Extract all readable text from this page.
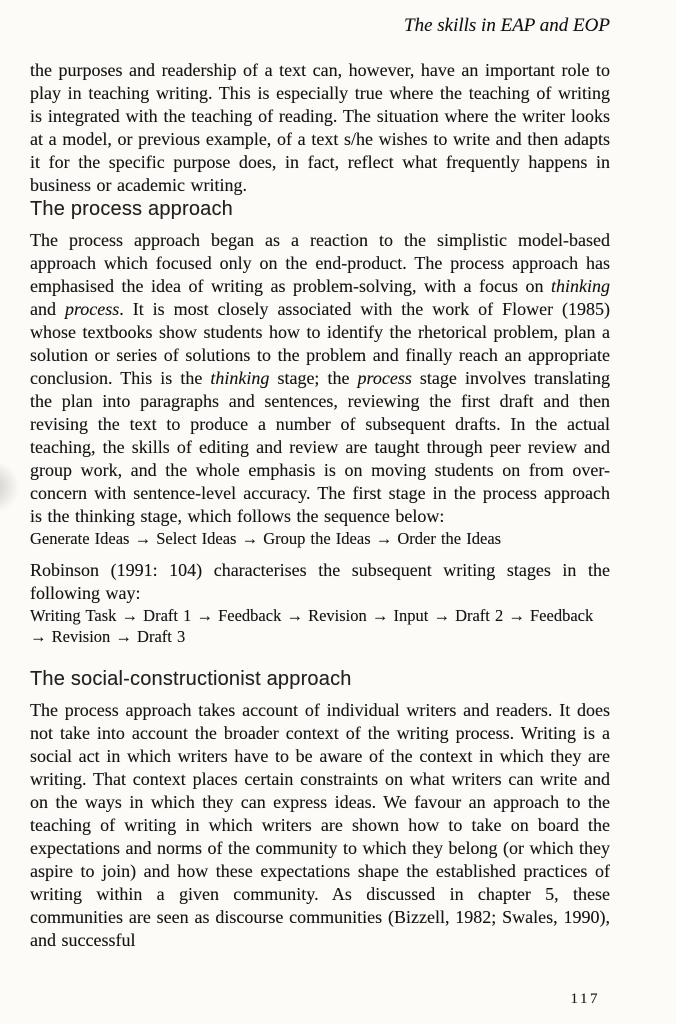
The skills in EAP and EOP

the purposes and readership of a text can, however, have an important role to play in teaching writing. This is especially true where the teaching of writing is integrated with the teaching of reading. The situation where the writer looks at a model, or previous example, of a text s/he wishes to write and then adapts it for the specific purpose does, in fact, reflect what frequently happens in business or academic writing.

The process approach

The process approach began as a reaction to the simplistic model-based approach which focused only on the end-product. The process approach has emphasised the idea of writing as problem-solving, with a focus on thinking and process. It is most closely associated with the work of Flower (1985) whose textbooks show students how to identify the rhetorical problem, plan a solution or series of solutions to the problem and finally reach an appropriate conclusion. This is the thinking stage; the process stage involves translating the plan into paragraphs and sentences, reviewing the first draft and then revising the text to produce a number of subsequent drafts. In the actual teaching, the skills of editing and review are taught through peer review and group work, and the whole emphasis is on moving students on from over-concern with sentence-level accuracy. The first stage in the process approach is the thinking stage, which follows the sequence below:

Generate Ideas → Select Ideas → Group the Ideas → Order the Ideas

Robinson (1991: 104) characterises the subsequent writing stages in the following way:

Writing Task → Draft 1 → Feedback → Revision → Input → Draft 2 → Feedback → Revision → Draft 3

The social-constructionist approach

The process approach takes account of individual writers and readers. It does not take into account the broader context of the writing process. Writing is a social act in which writers have to be aware of the context in which they are writing. That context places certain constraints on what writers can write and on the ways in which they can express ideas. We favour an approach to the teaching of writing in which writers are shown how to take on board the expectations and norms of the community to which they belong (or which they aspire to join) and how these expectations shape the established practices of writing within a given community. As discussed in chapter 5, these communities are seen as discourse communities (Bizzell, 1982; Swales, 1990), and successful

117
